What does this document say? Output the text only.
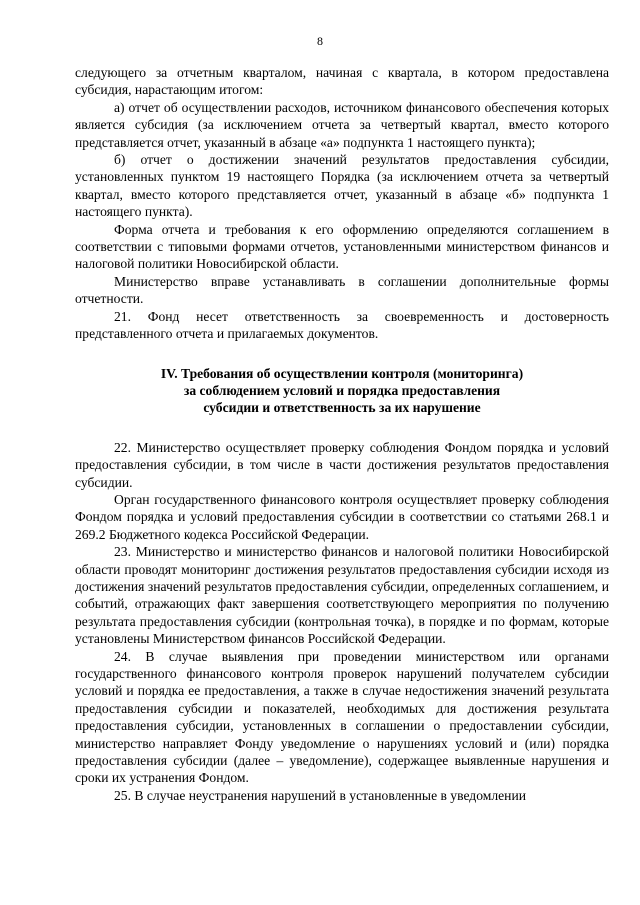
8

следующего за отчетным кварталом, начиная с квартала, в котором предоставлена субсидия, нарастающим итогом:

а) отчет об осуществлении расходов, источником финансового обеспечения которых является субсидия (за исключением отчета за четвертый квартал, вместо которого представляется отчет, указанный в абзаце «а» подпункта 1 настоящего пункта);

б) отчет о достижении значений результатов предоставления субсидии, установленных пунктом 19 настоящего Порядка (за исключением отчета за четвертый квартал, вместо которого представляется отчет, указанный в абзаце «б» подпункта 1 настоящего пункта).

Форма отчета и требования к его оформлению определяются соглашением в соответствии с типовыми формами отчетов, установленными министерством финансов и налоговой политики Новосибирской области.

Министерство вправе устанавливать в соглашении дополнительные формы отчетности.

21. Фонд несет ответственность за своевременность и достоверность представленного отчета и прилагаемых документов.

IV. Требования об осуществлении контроля (мониторинга)
за соблюдением условий и порядка предоставления
субсидии и ответственность за их нарушение

22. Министерство осуществляет проверку соблюдения Фондом порядка и условий предоставления субсидии, в том числе в части достижения результатов предоставления субсидии.

Орган государственного финансового контроля осуществляет проверку соблюдения Фондом порядка и условий предоставления субсидии в соответствии со статьями 268.1 и 269.2 Бюджетного кодекса Российской Федерации.

23. Министерство и министерство финансов и налоговой политики Новосибирской области проводят мониторинг достижения результатов предоставления субсидии исходя из достижения значений результатов предоставления субсидии, определенных соглашением, и событий, отражающих факт завершения соответствующего мероприятия по получению результата предоставления субсидии (контрольная точка), в порядке и по формам, которые установлены Министерством финансов Российской Федерации.

24. В случае выявления при проведении министерством или органами государственного финансового контроля проверок нарушений получателем субсидии условий и порядка ее предоставления, а также в случае недостижения значений результата предоставления субсидии и показателей, необходимых для достижения результата предоставления субсидии, установленных в соглашении о предоставлении субсидии, министерство направляет Фонду уведомление о нарушениях условий и (или) порядка предоставления субсидии (далее – уведомление), содержащее выявленные нарушения и сроки их устранения Фондом.

25. В случае неустранения нарушений в установленные в уведомлении
